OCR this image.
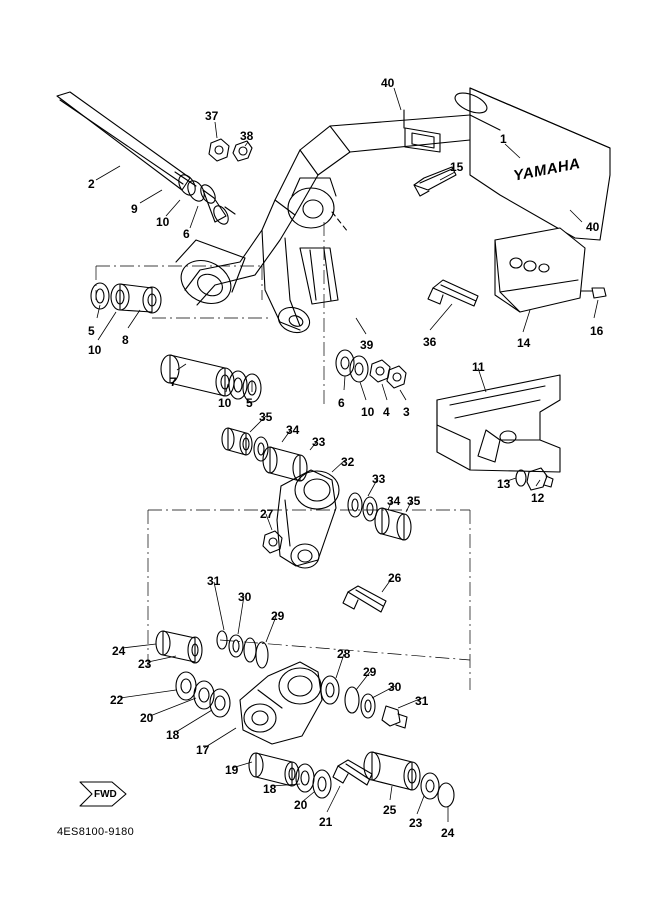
YAMAHA
FWD
4ES8100-9180
40
37
38	1
15
2
9
40
10
6
5
10
8	39	36	14
16
7
10 5
11
6
10 4 3
35
34
33
32
13
12
33
34 35
27
26
31
30
29
24
23
28
29
30
31
22
20
18
17
19
18
20
21
25
23
24
